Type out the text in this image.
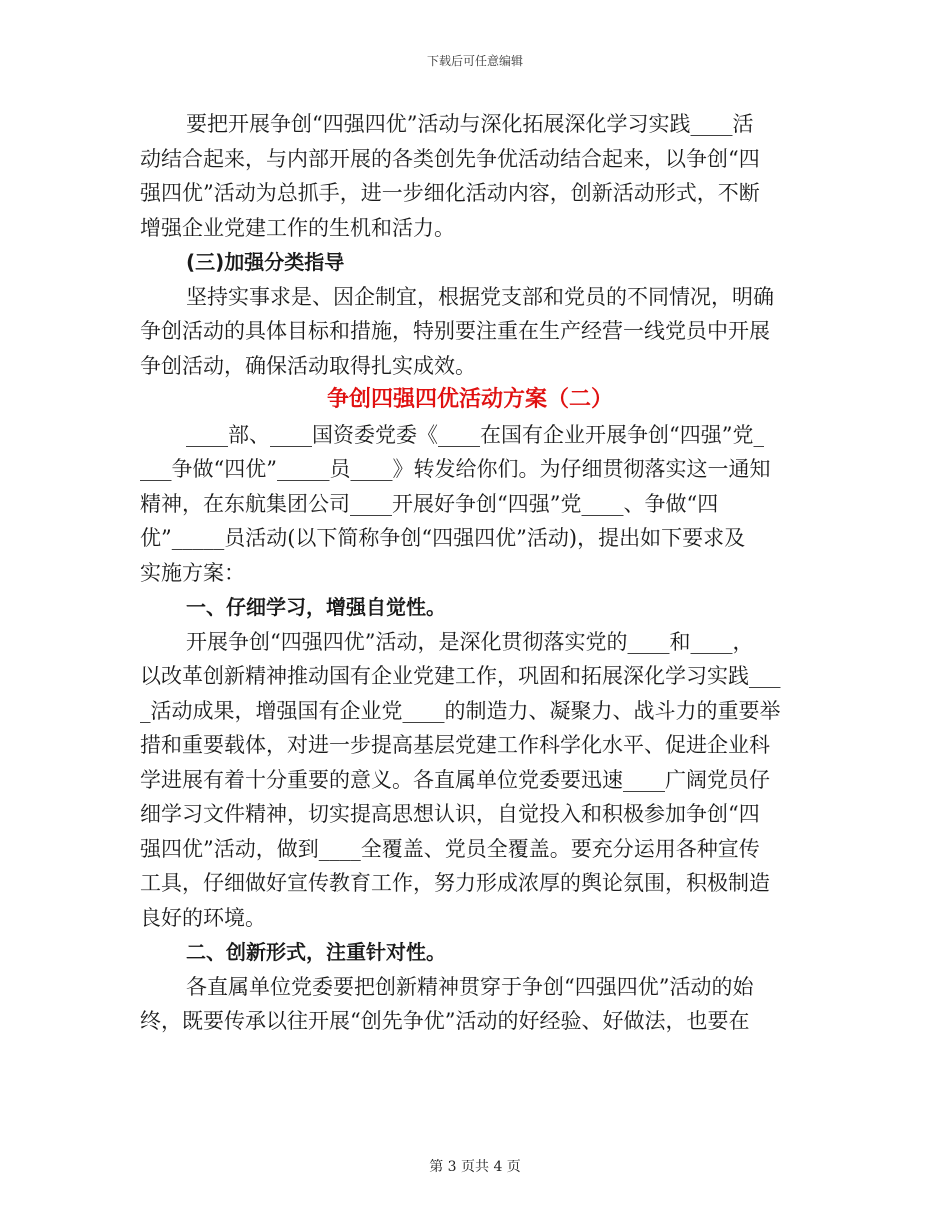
下载后可任意编辑
要把开展争创“四强四优”活动与深化拓展深化学习实践____活
动结合起来，与内部开展的各类创先争优活动结合起来，以争创“四
强四优”活动为总抓手，进一步细化活动内容，创新活动形式，不断
增强企业党建工作的生机和活力。
(三)加强分类指导
坚持实事求是、因企制宜，根据党支部和党员的不同情况，明确
争创活动的具体目标和措施，特别要注重在生产经营一线党员中开展
争创活动，确保活动取得扎实成效。
争创四强四优活动方案（二）
____部、____国资委党委《____在国有企业开展争创“四强”党_
___争做“四优”_____员____》转发给你们。为仔细贯彻落实这一通知
精神，在东航集团公司____开展好争创“四强”党____、争做“四
优”_____员活动(以下简称争创“四强四优”活动)，提出如下要求及
实施方案：
一、仔细学习，增强自觉性。
开展争创“四强四优”活动，是深化贯彻落实党的____和____，
以改革创新精神推动国有企业党建工作，巩固和拓展深化学习实践___
_活动成果，增强国有企业党____的制造力、凝聚力、战斗力的重要举
措和重要载体，对进一步提高基层党建工作科学化水平、促进企业科
学进展有着十分重要的意义。各直属单位党委要迅速____广阔党员仔
细学习文件精神，切实提高思想认识，自觉投入和积极参加争创“四
强四优”活动，做到____全覆盖、党员全覆盖。要充分运用各种宣传
工具，仔细做好宣传教育工作，努力形成浓厚的舆论氛围，积极制造
良好的环境。
二、创新形式，注重针对性。
各直属单位党委要把创新精神贯穿于争创“四强四优”活动的始
终，既要传承以往开展“创先争优”活动的好经验、好做法，也要在
第 3 页共 4 页
